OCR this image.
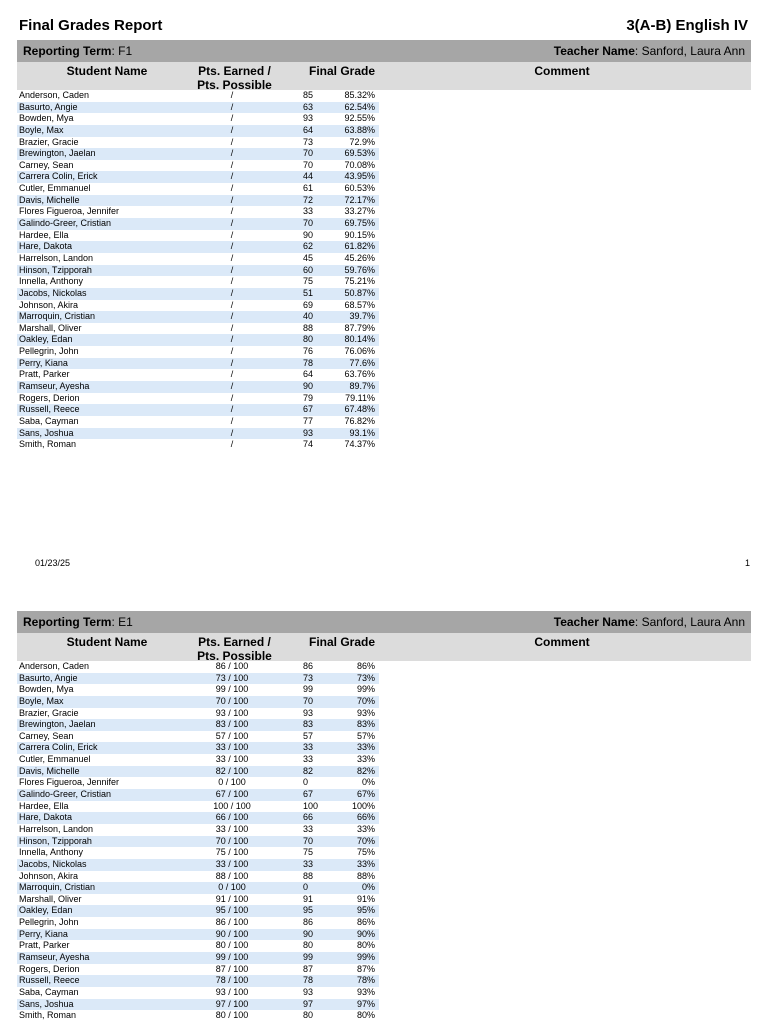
Final Grades Report	3(A-B) English IV
Reporting Term: F1	Teacher Name: Sanford, Laura Ann
Student Name	Pts. Earned /
Pts. Possible
Final Grade	Comment
Anderson, Caden	/	85	85.32%
Basurto, Angie	/	63	62.54%
Bowden, Mya	/	93	92.55%
Boyle, Max	/	64	63.88%
Brazier, Gracie	/	73	72.9%
Brewington, Jaelan	/	70	69.53%
Carney, Sean	/	70	70.08%
Carrera Colin, Erick	/	44	43.95%
Cutler, Emmanuel	/	61	60.53%
Davis, Michelle	/	72	72.17%
Flores Figueroa, Jennifer	/	33	33.27%
Galindo-Greer, Cristian	/	70	69.75%
Hardee, Ella	/	90	90.15%
Hare, Dakota	/	62	61.82%
Harrelson, Landon	/	45	45.26%
Hinson, Tzipporah	/	60	59.76%
Innella, Anthony	/	75	75.21%
Jacobs, Nickolas	/	51	50.87%
Johnson, Akira	/	69	68.57%
Marroquin, Cristian	/	40	39.7%
Marshall, Oliver	/	88	87.79%
Oakley, Edan	/	80	80.14%
Pellegrin, John	/	76	76.06%
Perry, Kiana	/	78	77.6%
Pratt, Parker	/	64	63.76%
Ramseur, Ayesha	/	90	89.7%
Rogers, Derion	/	79	79.11%
Russell, Reece	/	67	67.48%
Saba, Cayman	/	77	76.82%
Sans, Joshua	/	93	93.1%
Smith, Roman	/	74	74.37%
01/23/25	1
Reporting Term: E1	Teacher Name: Sanford, Laura Ann
Student Name	Pts. Earned /
Pts. Possible
Final Grade	Comment
Anderson, Caden	86 / 100	86	86%
Basurto, Angie	73 / 100	73	73%
Bowden, Mya	99 / 100	99	99%
Boyle, Max	70 / 100	70	70%
Brazier, Gracie	93 / 100	93	93%
Brewington, Jaelan	83 / 100	83	83%
Carney, Sean	57 / 100	57	57%
Carrera Colin, Erick	33 / 100	33	33%
Cutler, Emmanuel	33 / 100	33	33%
Davis, Michelle	82 / 100	82	82%
Flores Figueroa, Jennifer	0 / 100	0	0%
Galindo-Greer, Cristian	67 / 100	67	67%
Hardee, Ella	100 / 100	100	100%
Hare, Dakota	66 / 100	66	66%
Harrelson, Landon	33 / 100	33	33%
Hinson, Tzipporah	70 / 100	70	70%
Innella, Anthony	75 / 100	75	75%
Jacobs, Nickolas	33 / 100	33	33%
Johnson, Akira	88 / 100	88	88%
Marroquin, Cristian	0 / 100	0	0%
Marshall, Oliver	91 / 100	91	91%
Oakley, Edan	95 / 100	95	95%
Pellegrin, John	86 / 100	86	86%
Perry, Kiana	90 / 100	90	90%
Pratt, Parker	80 / 100	80	80%
Ramseur, Ayesha	99 / 100	99	99%
Rogers, Derion	87 / 100	87	87%
Russell, Reece	78 / 100	78	78%
Saba, Cayman	93 / 100	93	93%
Sans, Joshua	97 / 100	97	97%
Smith, Roman	80 / 100	80	80%
